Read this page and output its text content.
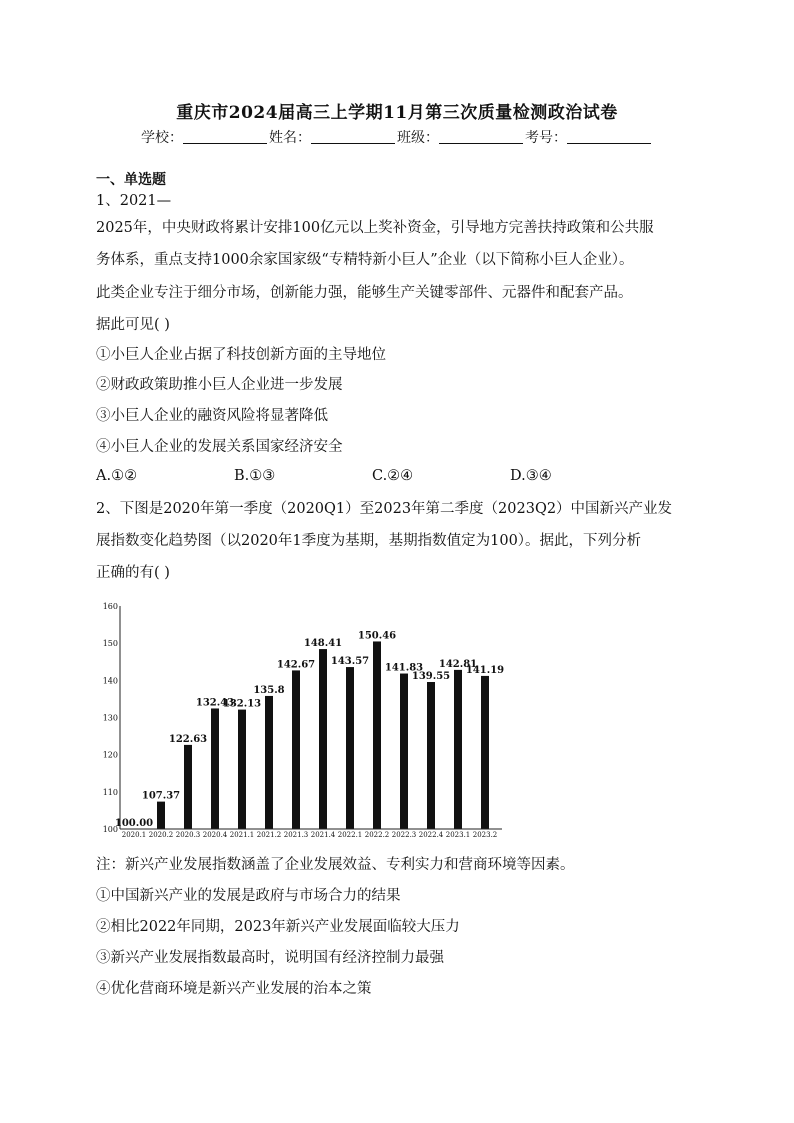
重庆市2024届高三上学期11月第三次质量检测政治试卷
学校：	姓名：	班级：	考号：
一、单选题
1、2021—
2025年，中央财政将累计安排100亿元以上奖补资金，引导地方完善扶持政策和公共服
务体系，重点支持1000余家国家级“专精特新小巨人”企业（以下简称小巨人企业）。
此类企业专注于细分市场，创新能力强，能够生产关键零部件、元器件和配套产品。
据此可见( )
①小巨人企业占据了科技创新方面的主导地位
②财政政策助推小巨人企业进一步发展
③小巨人企业的融资风险将显著降低
④小巨人企业的发展关系国家经济安全
A.①②	B.①③	C.②④	D.③④
2、下图是2020年第一季度（2020Q1）至2023年第二季度（2023Q2）中国新兴产业发
展指数变化趋势图（以2020年1季度为基期，基期指数值定为100）。据此，下列分析
正确的有( )
100
110
120
130
140
150
160
100.00
2020.1
107.37
2020.2
122.63
2020.3
132.43
2020.4
132.13
2021.1
135.8
2021.2
142.67
2021.3
148.41
2021.4
143.57
2022.1
150.46
2022.2
141.83
2022.3
139.55
2022.4
142.81
2023.1
141.19
2023.2
注：新兴产业发展指数涵盖了企业发展效益、专利实力和营商环境等因素。
①中国新兴产业的发展是政府与市场合力的结果
②相比2022年同期，2023年新兴产业发展面临较大压力
③新兴产业发展指数最高时，说明国有经济控制力最强
④优化营商环境是新兴产业发展的治本之策
